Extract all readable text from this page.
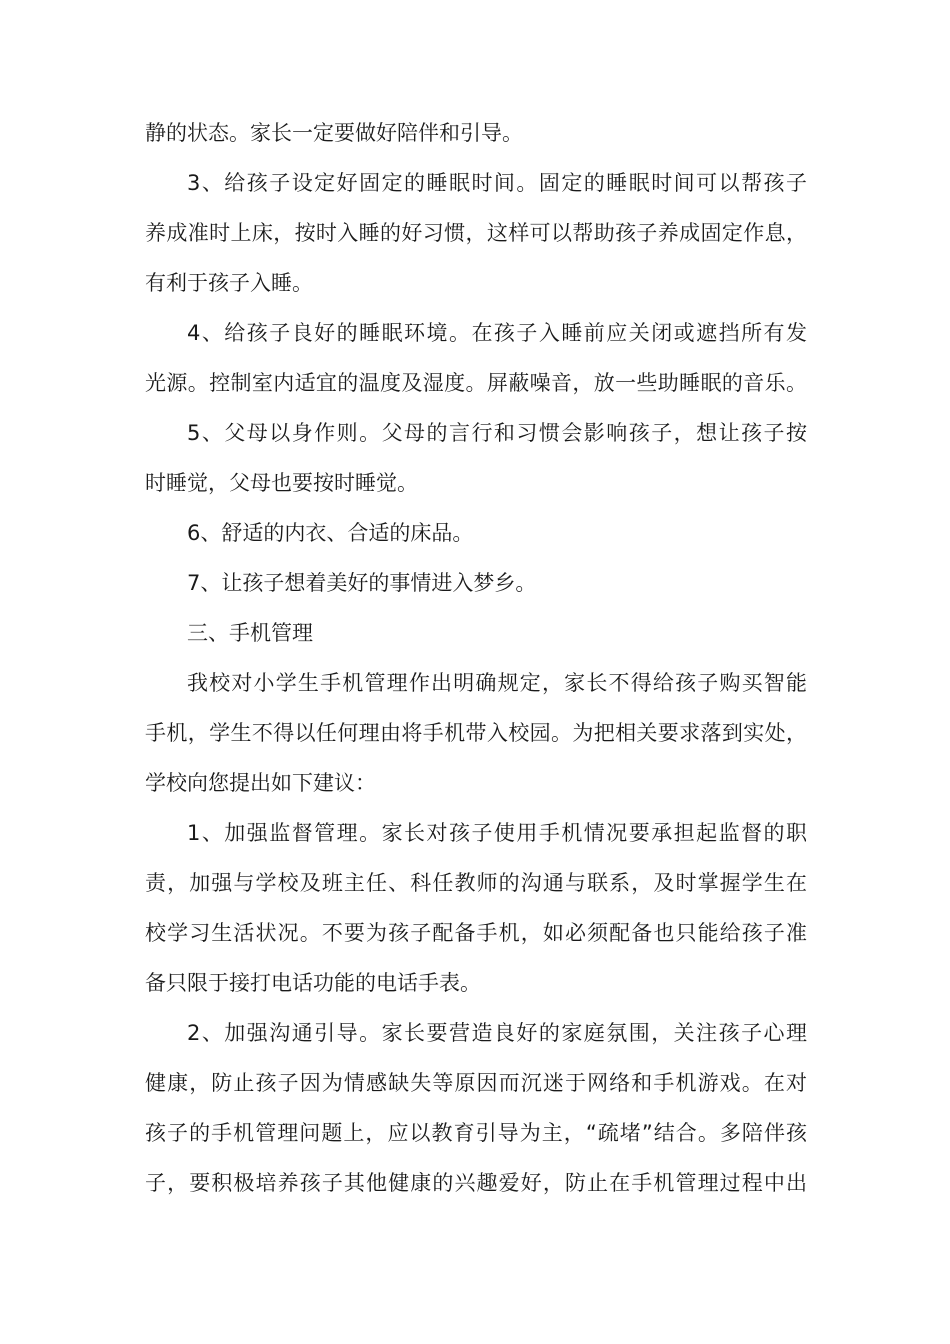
静的状态。家长一定要做好陪伴和引导。
3、给孩子设定好固定的睡眠时间。固定的睡眠时间可以帮孩子
养成准时上床，按时入睡的好习惯，这样可以帮助孩子养成固定作息，
有利于孩子入睡。
4、给孩子良好的睡眠环境。在孩子入睡前应关闭或遮挡所有发
光源。控制室内适宜的温度及湿度。屏蔽噪音，放一些助睡眠的音乐。
5、父母以身作则。父母的言行和习惯会影响孩子，想让孩子按
时睡觉，父母也要按时睡觉。
6、舒适的内衣、合适的床品。
7、让孩子想着美好的事情进入梦乡。
三、手机管理
我校对小学生手机管理作出明确规定，家长不得给孩子购买智能
手机，学生不得以任何理由将手机带入校园。为把相关要求落到实处，
学校向您提出如下建议：
1、加强监督管理。家长对孩子使用手机情况要承担起监督的职
责，加强与学校及班主任、科任教师的沟通与联系，及时掌握学生在
校学习生活状况。不要为孩子配备手机，如必须配备也只能给孩子准
备只限于接打电话功能的电话手表。
2、加强沟通引导。家长要营造良好的家庭氛围，关注孩子心理
健康，防止孩子因为情感缺失等原因而沉迷于网络和手机游戏。在对
孩子的手机管理问题上，应以教育引导为主，“疏堵”结合。多陪伴孩
子，要积极培养孩子其他健康的兴趣爱好，防止在手机管理过程中出
